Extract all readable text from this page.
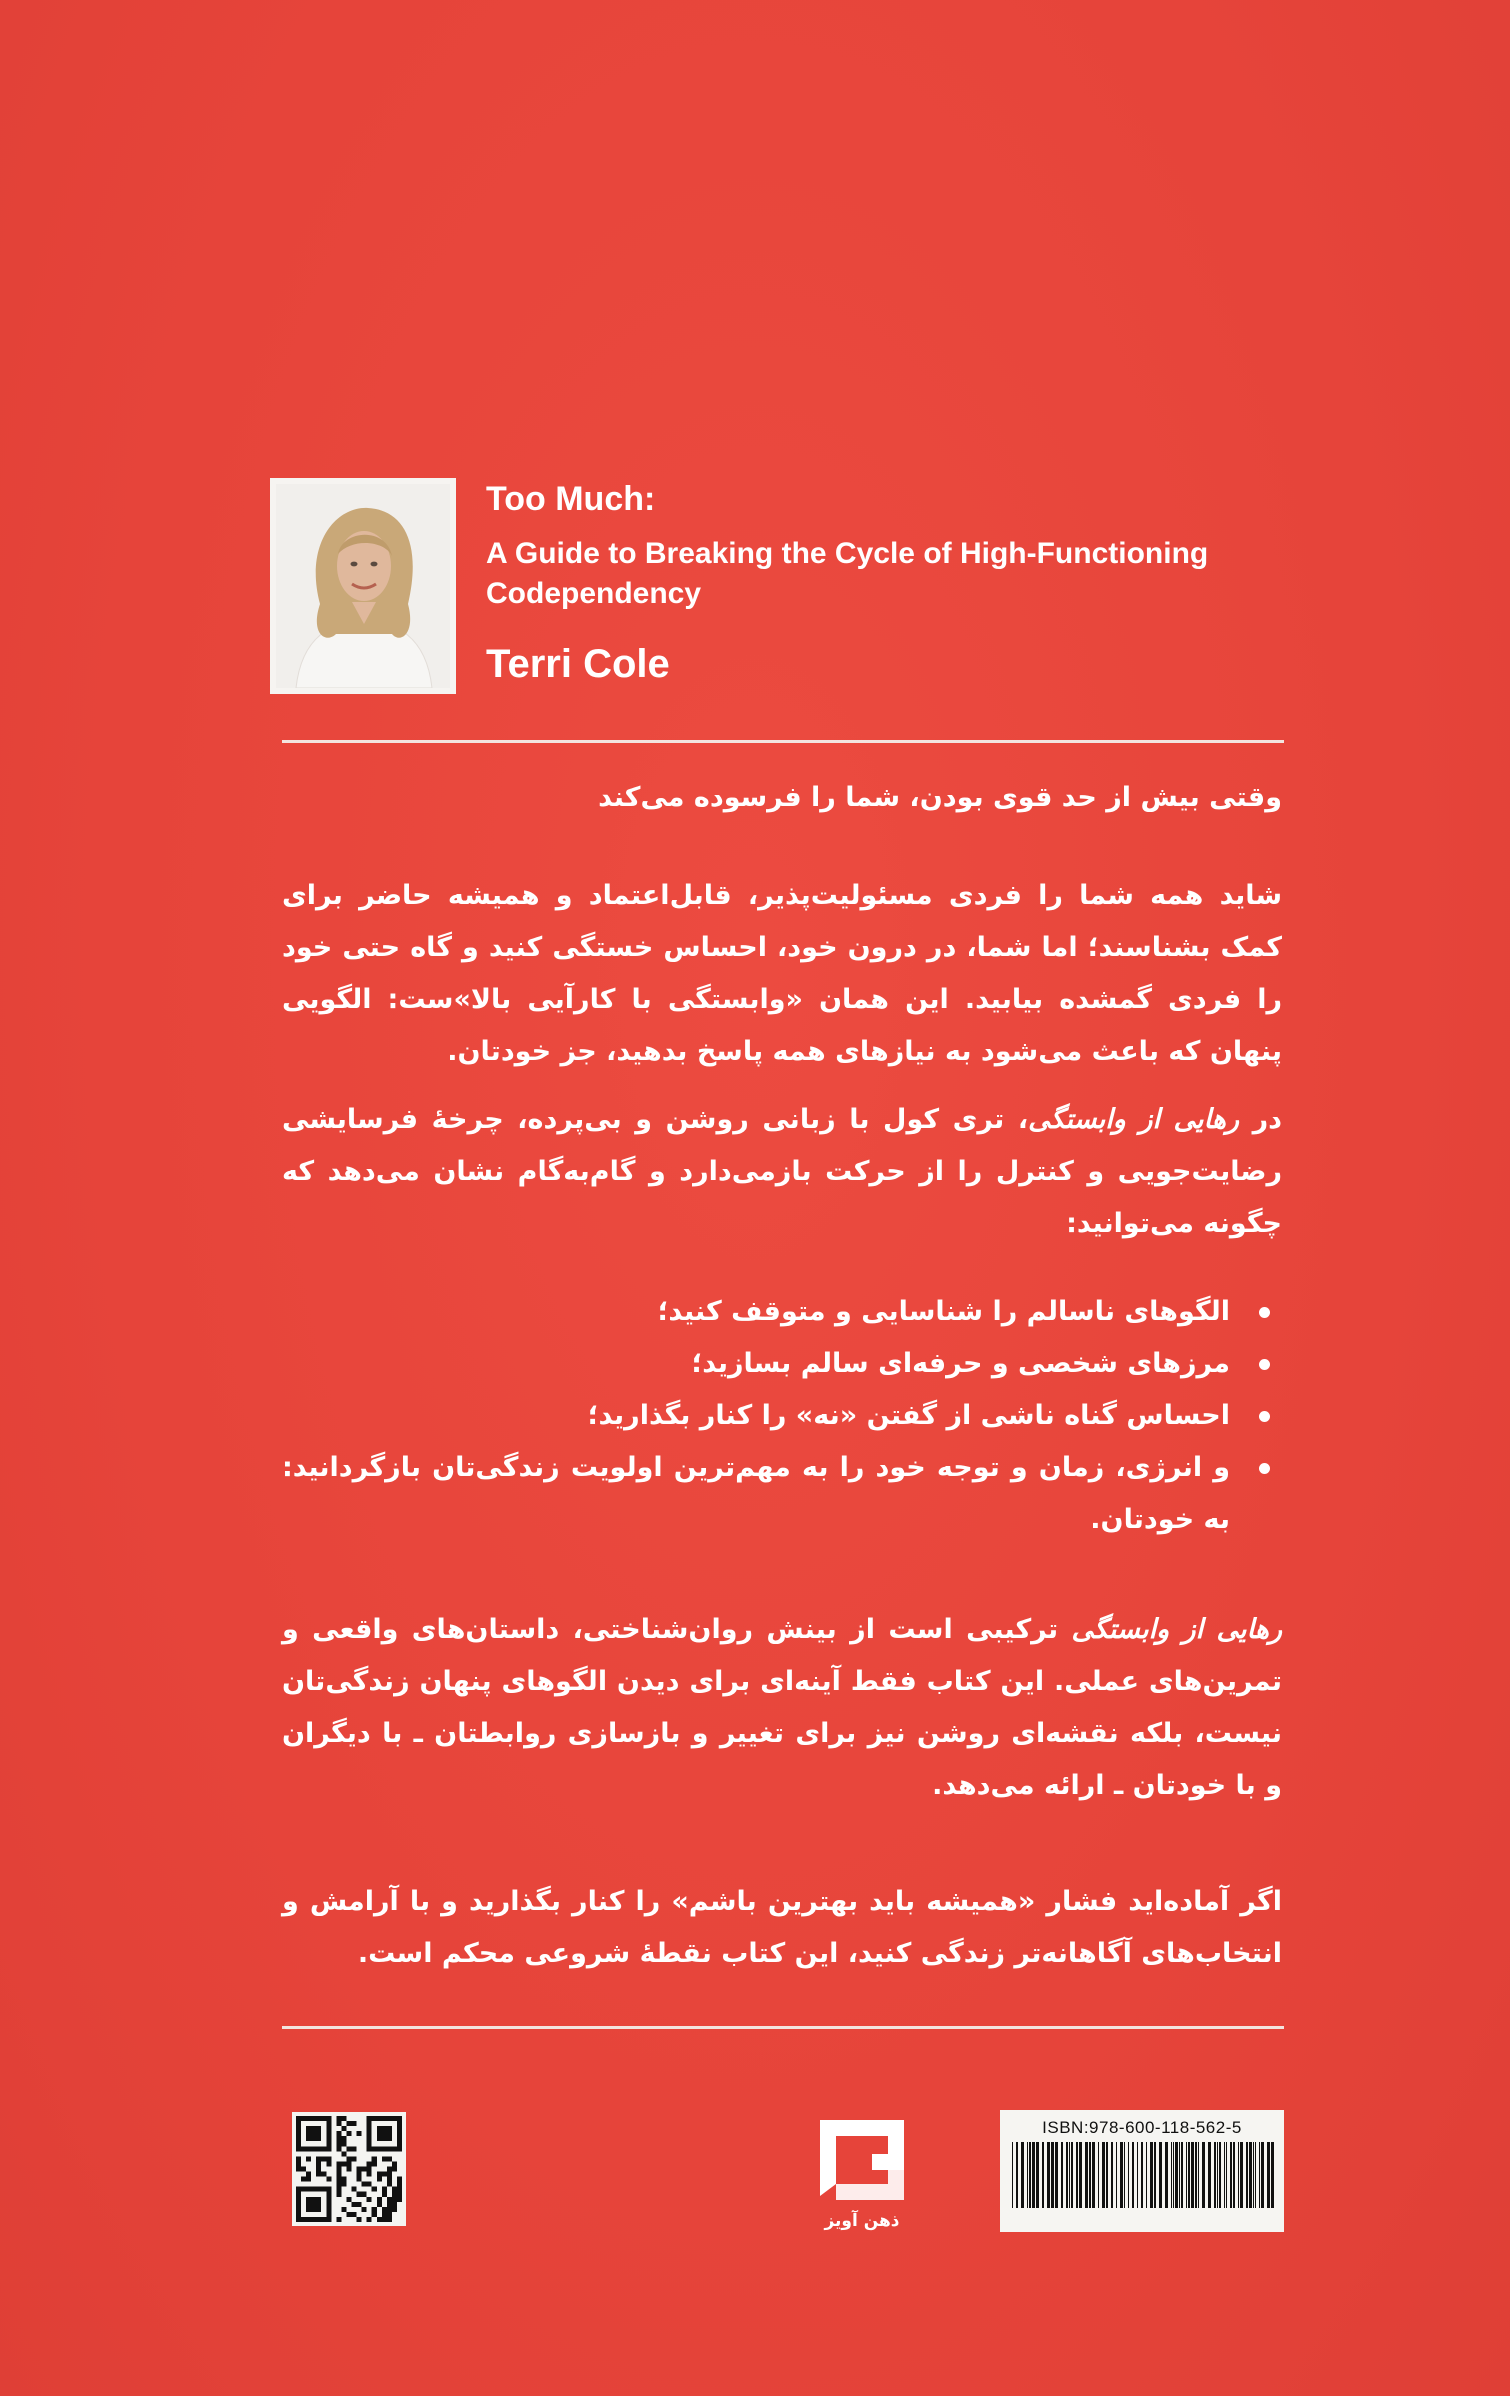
Too Much:
A Guide to Breaking the Cycle of High-Functioning Codependency
Terri Cole

وقتی بیش از حد قوی بودن، شما را فرسوده می‌کند

شاید همه شما را فردی مسئولیت‌پذیر، قابل‌اعتماد و همیشه حاضر برای کمک بشناسند؛ اما شما، در درون خود، احساس خستگی کنید و گاه حتی خود را فردی گمشده بیابید. این همان «وابستگی با کارآیی بالا»ست: الگویی پنهان که باعث می‌شود به نیازهای همه پاسخ بدهید، جز خودتان.

در رهایی از وابستگی، تری کول با زبانی روشن و بی‌پرده، چرخهٔ فرسایشی رضایت‌جویی و کنترل را از حرکت بازمی‌دارد و گام‌به‌گام نشان می‌دهد که چگونه می‌توانید:

الگوهای ناسالم را شناسایی و متوقف کنید؛
مرزهای شخصی و حرفه‌ای سالم بسازید؛
احساس گناه ناشی از گفتن «نه» را کنار بگذارید؛
و انرژی، زمان و توجه خود را به مهم‌ترین اولویت زندگی‌تان بازگردانید: به خودتان.

رهایی از وابستگی ترکیبی است از بینش روان‌شناختی، داستان‌های واقعی و تمرین‌های عملی. این کتاب فقط آینه‌ای برای دیدن الگوهای پنهان زندگی‌تان نیست، بلکه نقشه‌ای روشن نیز برای تغییر و بازسازی روابطتان ـ با دیگران و با خودتان ـ ارائه می‌دهد.

اگر آماده‌اید فشار «همیشه باید بهترین باشم» را کنار بگذارید و با آرامش و انتخاب‌های آگاهانه‌تر زندگی کنید، این کتاب نقطهٔ شروعی محکم است.

ذهن آویز
ISBN:978-600-118-562-5
